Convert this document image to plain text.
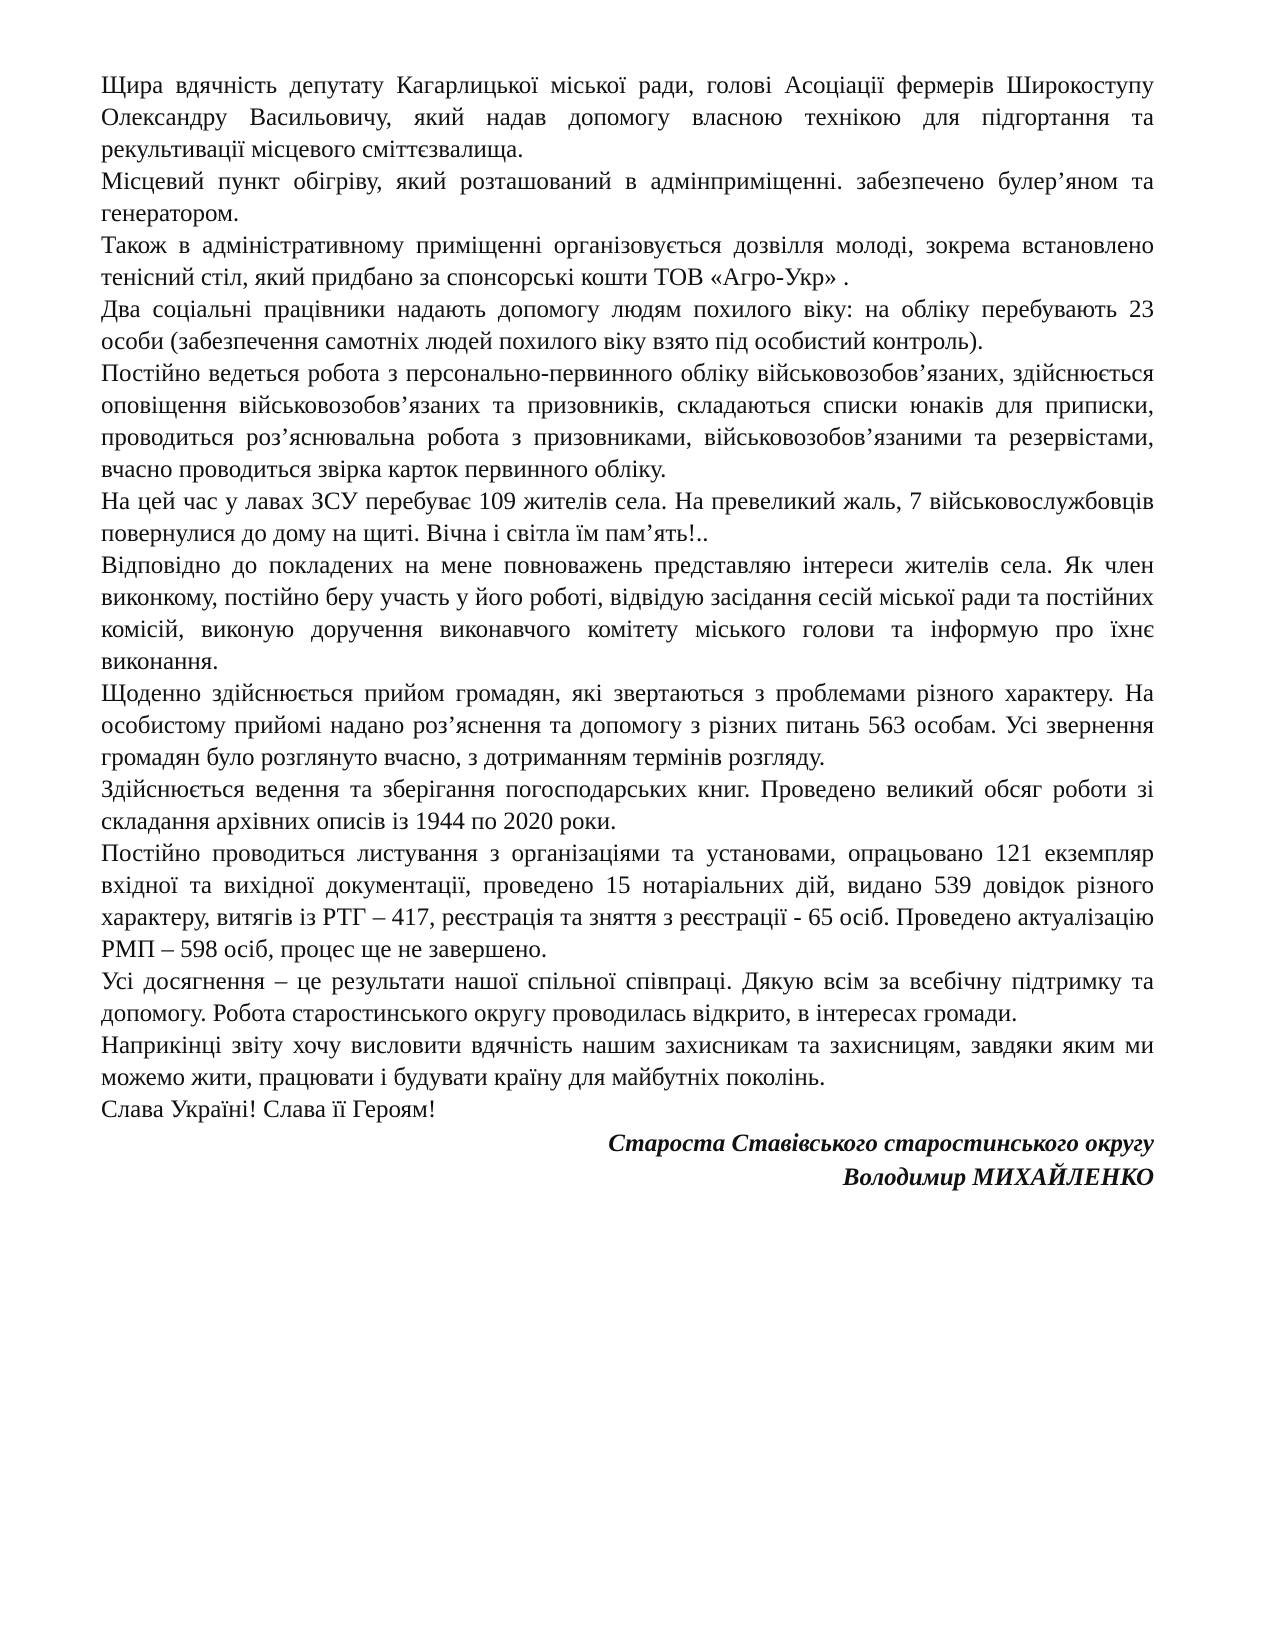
Щира вдячність депутату Кагарлицької міської ради, голові Асоціації фермерів Широкоступу Олександру Васильовичу, який надав допомогу власною технікою для підгортання та рекультивації місцевого сміттєзвалища.

Місцевий пункт обігріву, який розташований в адмінприміщенні. забезпечено булер’яном та генератором.

Також в адміністративному приміщенні організовується дозвілля молоді, зокрема встановлено тенісний стіл, який придбано за спонсорські кошти ТОВ «Агро-Укр» .

Два соціальні працівники надають допомогу людям похилого віку: на обліку перебувають 23 особи (забезпечення самотніх людей похилого віку взято під особистий контроль).

Постійно ведеться робота з персонально-первинного обліку військовозобов’язаних, здійснюється оповіщення військовозобов’язаних та призовників, складаються списки юнаків для приписки, проводиться роз’яснювальна робота з призовниками, військовозобов’язаними та резервістами, вчасно проводиться звірка карток первинного обліку.

На цей час у лавах ЗСУ перебуває 109 жителів села. На превеликий жаль, 7 військовослужбовців повернулися до дому на щиті. Вічна і світла їм пам’ять!..

Відповідно до покладених на мене повноважень представляю інтереси жителів села. Як член виконкому, постійно беру участь у його роботі, відвідую засідання сесій міської ради та постійних комісій, виконую доручення виконавчого комітету міського голови та інформую про їхнє виконання.

Щоденно здійснюється прийом громадян, які звертаються з проблемами різного характеру. На особистому прийомі надано роз’яснення та допомогу з різних питань 563 особам. Усі звернення громадян було розглянуто вчасно, з дотриманням термінів розгляду.

Здійснюється ведення та зберігання погосподарських книг. Проведено великий обсяг роботи зі складання архівних описів із 1944 по 2020 роки.

Постійно проводиться листування з організаціями та установами, опрацьовано 121 екземпляр вхідної та вихідної документації, проведено 15 нотаріальних дій, видано 539 довідок різного характеру, витягів із РТГ – 417, реєстрація та зняття з реєстрації - 65 осіб. Проведено актуалізацію РМП – 598 осіб, процес ще не завершено.

Усі досягнення – це результати нашої спільної співпраці. Дякую всім за всебічну підтримку та допомогу. Робота старостинського округу проводилась відкрито, в інтересах громади.

Наприкінці звіту хочу висловити вдячність нашим захисникам та захисницям, завдяки яким ми можемо жити, працювати і будувати країну для майбутніх поколінь.

Слава Україні! Слава її Героям!

Староста Ставівського старостинського округу
Володимир МИХАЙЛЕНКО
